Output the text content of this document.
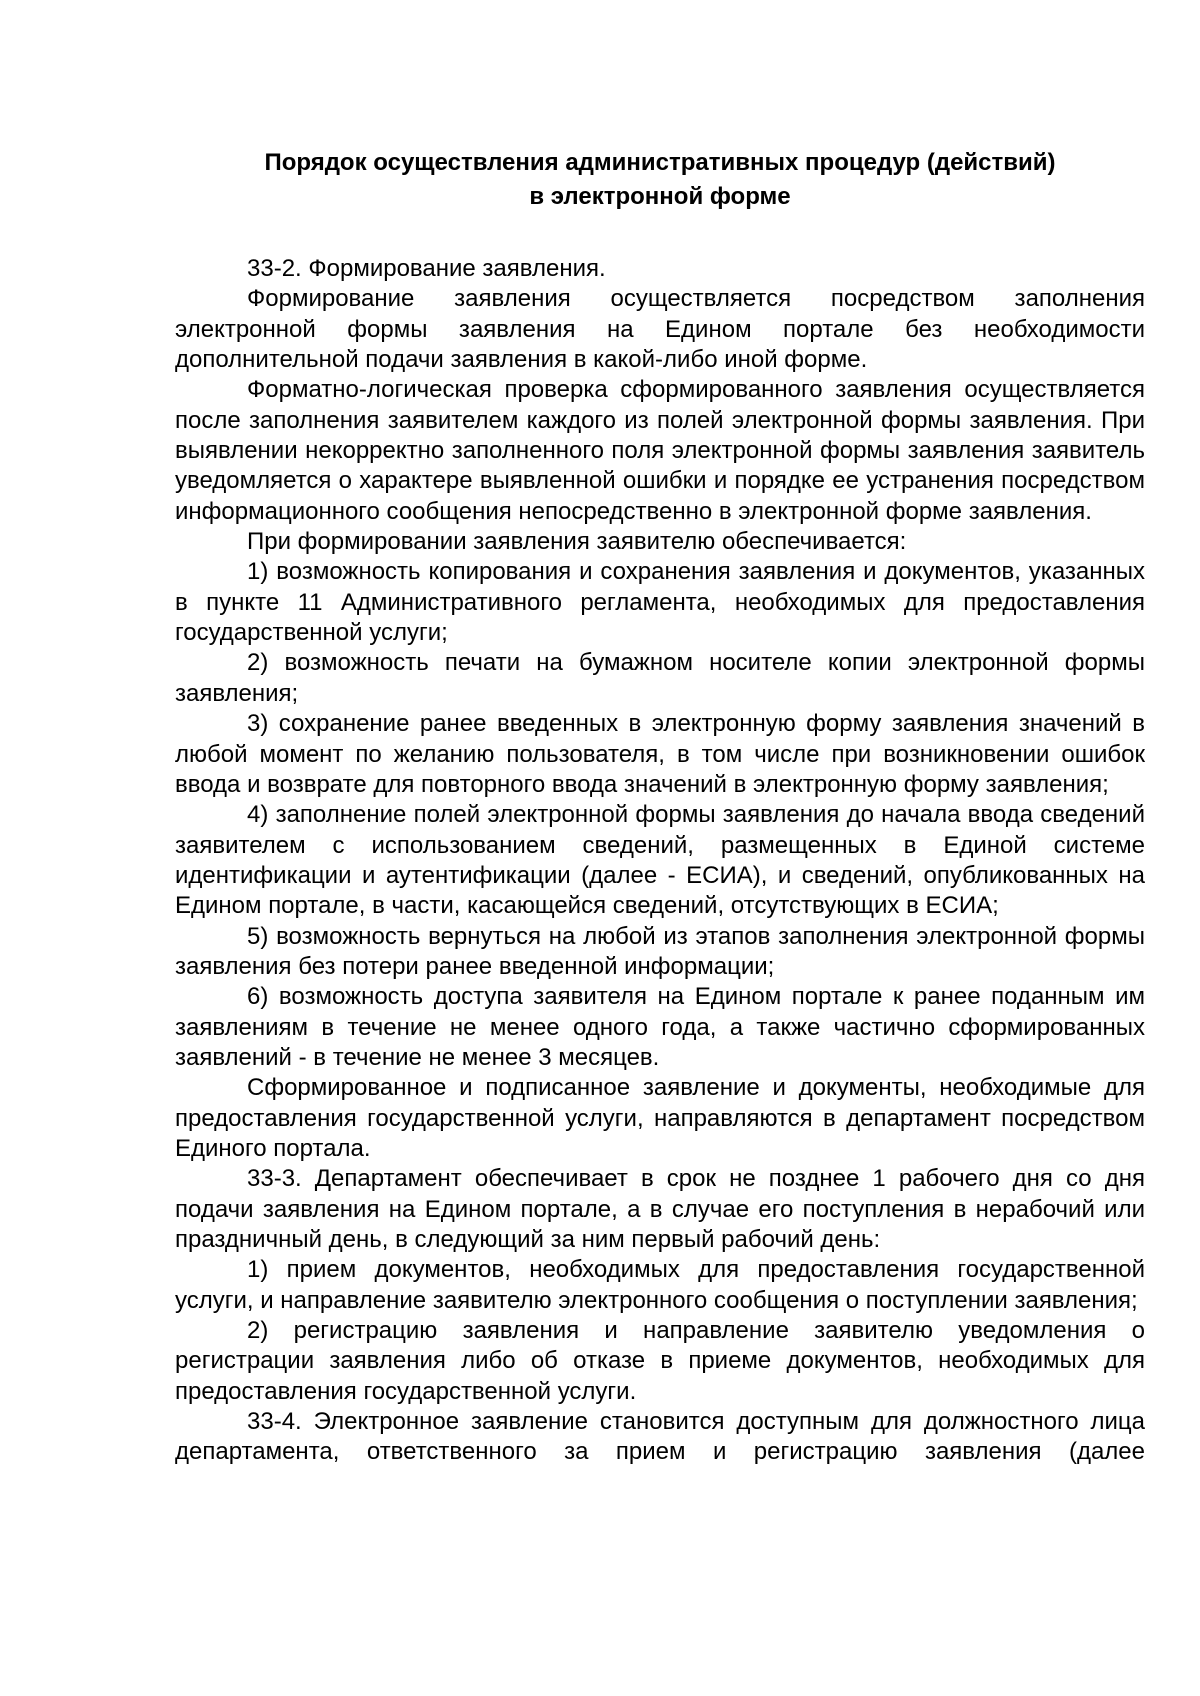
Порядок осуществления административных процедур (действий)
в электронной форме

33-2. Формирование заявления.

Формирование заявления осуществляется посредством заполнения электронной формы заявления на Едином портале без необходимости дополнительной подачи заявления в какой-либо иной форме.

Форматно-логическая проверка сформированного заявления осуществляется после заполнения заявителем каждого из полей электронной формы заявления. При выявлении некорректно заполненного поля электронной формы заявления заявитель уведомляется о характере выявленной ошибки и порядке ее устранения посредством информационного сообщения непосредственно в электронной форме заявления.

При формировании заявления заявителю обеспечивается:

1) возможность копирования и сохранения заявления и документов, указанных в пункте 11 Административного регламента, необходимых для предоставления государственной услуги;

2) возможность печати на бумажном носителе копии электронной формы заявления;

3) сохранение ранее введенных в электронную форму заявления значений в любой момент по желанию пользователя, в том числе при возникновении ошибок ввода и возврате для повторного ввода значений в электронную форму заявления;

4) заполнение полей электронной формы заявления до начала ввода сведений заявителем с использованием сведений, размещенных в Единой системе идентификации и аутентификации (далее - ЕСИА), и сведений, опубликованных на Едином портале, в части, касающейся сведений, отсутствующих в ЕСИА;

5) возможность вернуться на любой из этапов заполнения электронной формы заявления без потери ранее введенной информации;

6) возможность доступа заявителя на Едином портале к ранее поданным им заявлениям в течение не менее одного года, а также частично сформированных заявлений - в течение не менее 3 месяцев.

Сформированное и подписанное заявление и документы, необходимые для предоставления государственной услуги, направляются в департамент посредством Единого портала.

33-3. Департамент обеспечивает в срок не позднее 1 рабочего дня со дня подачи заявления на Едином портале, а в случае его поступления в нерабочий или праздничный день, в следующий за ним первый рабочий день:

1) прием документов, необходимых для предоставления государственной услуги, и направление заявителю электронного сообщения о поступлении заявления;

2) регистрацию заявления и направление заявителю уведомления о регистрации заявления либо об отказе в приеме документов, необходимых для предоставления государственной услуги.

33-4. Электронное заявление становится доступным для должностного лица департамента, ответственного за прием и регистрацию заявления (далее
